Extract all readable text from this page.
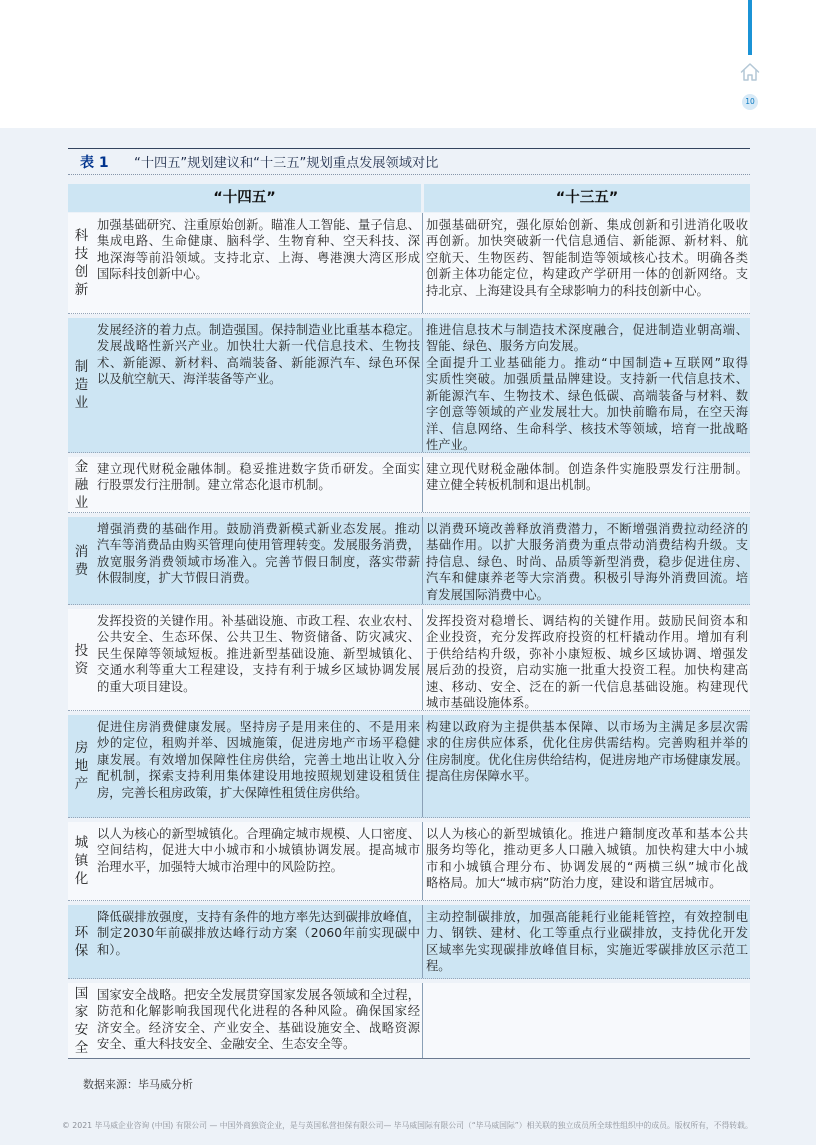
10
表 1	“十四五”规划建议和“十三五”规划重点发展领域对比
“十四五”	“十三五”
科技创新
加强基础研究、注重原始创新。瞄准人工智能、量子信息、
集成电路、生命健康、脑科学、生物育种、空天科技、深
地深海等前沿领域。支持北京、上海、粤港澳大湾区形成
国际科技创新中心。
加强基础研究，强化原始创新、集成创新和引进消化吸收
再创新。加快突破新一代信息通信、新能源、新材料、航
空航天、生物医药、智能制造等领域核心技术。明确各类
创新主体功能定位，构建政产学研用一体的创新网络。支
持北京、上海建设具有全球影响力的科技创新中心。
制造业
发展经济的着力点。制造强国。保持制造业比重基本稳定。
发展战略性新兴产业。加快壮大新一代信息技术、生物技
术、新能源、新材料、高端装备、新能源汽车、绿色环保
以及航空航天、海洋装备等产业。
推进信息技术与制造技术深度融合，促进制造业朝高端、
智能、绿色、服务方向发展。
全面提升工业基础能力。推动“中国制造+互联网”取得
实质性突破。加强质量品牌建设。支持新一代信息技术、
新能源汽车、生物技术、绿色低碳、高端装备与材料、数
字创意等领域的产业发展壮大。加快前瞻布局，在空天海
洋、信息网络、生命科学、核技术等领域，培育一批战略
性产业。
金融业
建立现代财税金融体制。稳妥推进数字货币研发。全面实
行股票发行注册制。建立常态化退市机制。
建立现代财税金融体制。创造条件实施股票发行注册制。
建立健全转板机制和退出机制。
消费
增强消费的基础作用。鼓励消费新模式新业态发展。推动
汽车等消费品由购买管理向使用管理转变。发展服务消费，
放宽服务消费领域市场准入。完善节假日制度，落实带薪
休假制度，扩大节假日消费。
以消费环境改善释放消费潜力，不断增强消费拉动经济的
基础作用。以扩大服务消费为重点带动消费结构升级。支
持信息、绿色、时尚、品质等新型消费，稳步促进住房、
汽车和健康养老等大宗消费。积极引导海外消费回流。培
育发展国际消费中心。
投资
发挥投资的关键作用。补基础设施、市政工程、农业农村、
公共安全、生态环保、公共卫生、物资储备、防灾减灾、
民生保障等领域短板。推进新型基础设施、新型城镇化、
交通水利等重大工程建设，支持有利于城乡区域协调发展
的重大项目建设。
发挥投资对稳增长、调结构的关键作用。鼓励民间资本和
企业投资，充分发挥政府投资的杠杆撬动作用。增加有利
于供给结构升级，弥补小康短板、城乡区域协调、增强发
展后劲的投资，启动实施一批重大投资工程。加快构建高
速、移动、安全、泛在的新一代信息基础设施。构建现代
城市基础设施体系。
房地产
促进住房消费健康发展。坚持房子是用来住的、不是用来
炒的定位，租购并举、因城施策，促进房地产市场平稳健
康发展。有效增加保障性住房供给，完善土地出让收入分
配机制，探索支持利用集体建设用地按照规划建设租赁住
房，完善长租房政策，扩大保障性租赁住房供给。
构建以政府为主提供基本保障、以市场为主满足多层次需
求的住房供应体系，优化住房供需结构。完善购租并举的
住房制度。优化住房供给结构，促进房地产市场健康发展。
提高住房保障水平。
城镇化
以人为核心的新型城镇化。合理确定城市规模、人口密度、
空间结构，促进大中小城市和小城镇协调发展。提高城市
治理水平，加强特大城市治理中的风险防控。
以人为核心的新型城镇化。推进户籍制度改革和基本公共
服务均等化，推动更多人口融入城镇。加快构建大中小城
市和小城镇合理分布、协调发展的“两横三纵”城市化战
略格局。加大“城市病”防治力度，建设和谐宜居城市。
环保
降低碳排放强度，支持有条件的地方率先达到碳排放峰值，
制定2030年前碳排放达峰行动方案（2060年前实现碳中
和）。
主动控制碳排放，加强高能耗行业能耗管控，有效控制电
力、钢铁、建材、化工等重点行业碳排放，支持优化开发
区域率先实现碳排放峰值目标，实施近零碳排放区示范工
程。
国家安全
国家安全战略。把安全发展贯穿国家发展各领域和全过程，
防范和化解影响我国现代化进程的各种风险。确保国家经
济安全。经济安全、产业安全、基础设施安全、战略资源
安全、重大科技安全、金融安全、生态安全等。
数据来源：毕马威分析
© 2021 毕马威企业咨询 (中国) 有限公司 — 中国外商独资企业，是与英国私营担保有限公司— 毕马威国际有限公司（“毕马威国际”）相关联的独立成员所全球性组织中的成员。版权所有，不得转载。
